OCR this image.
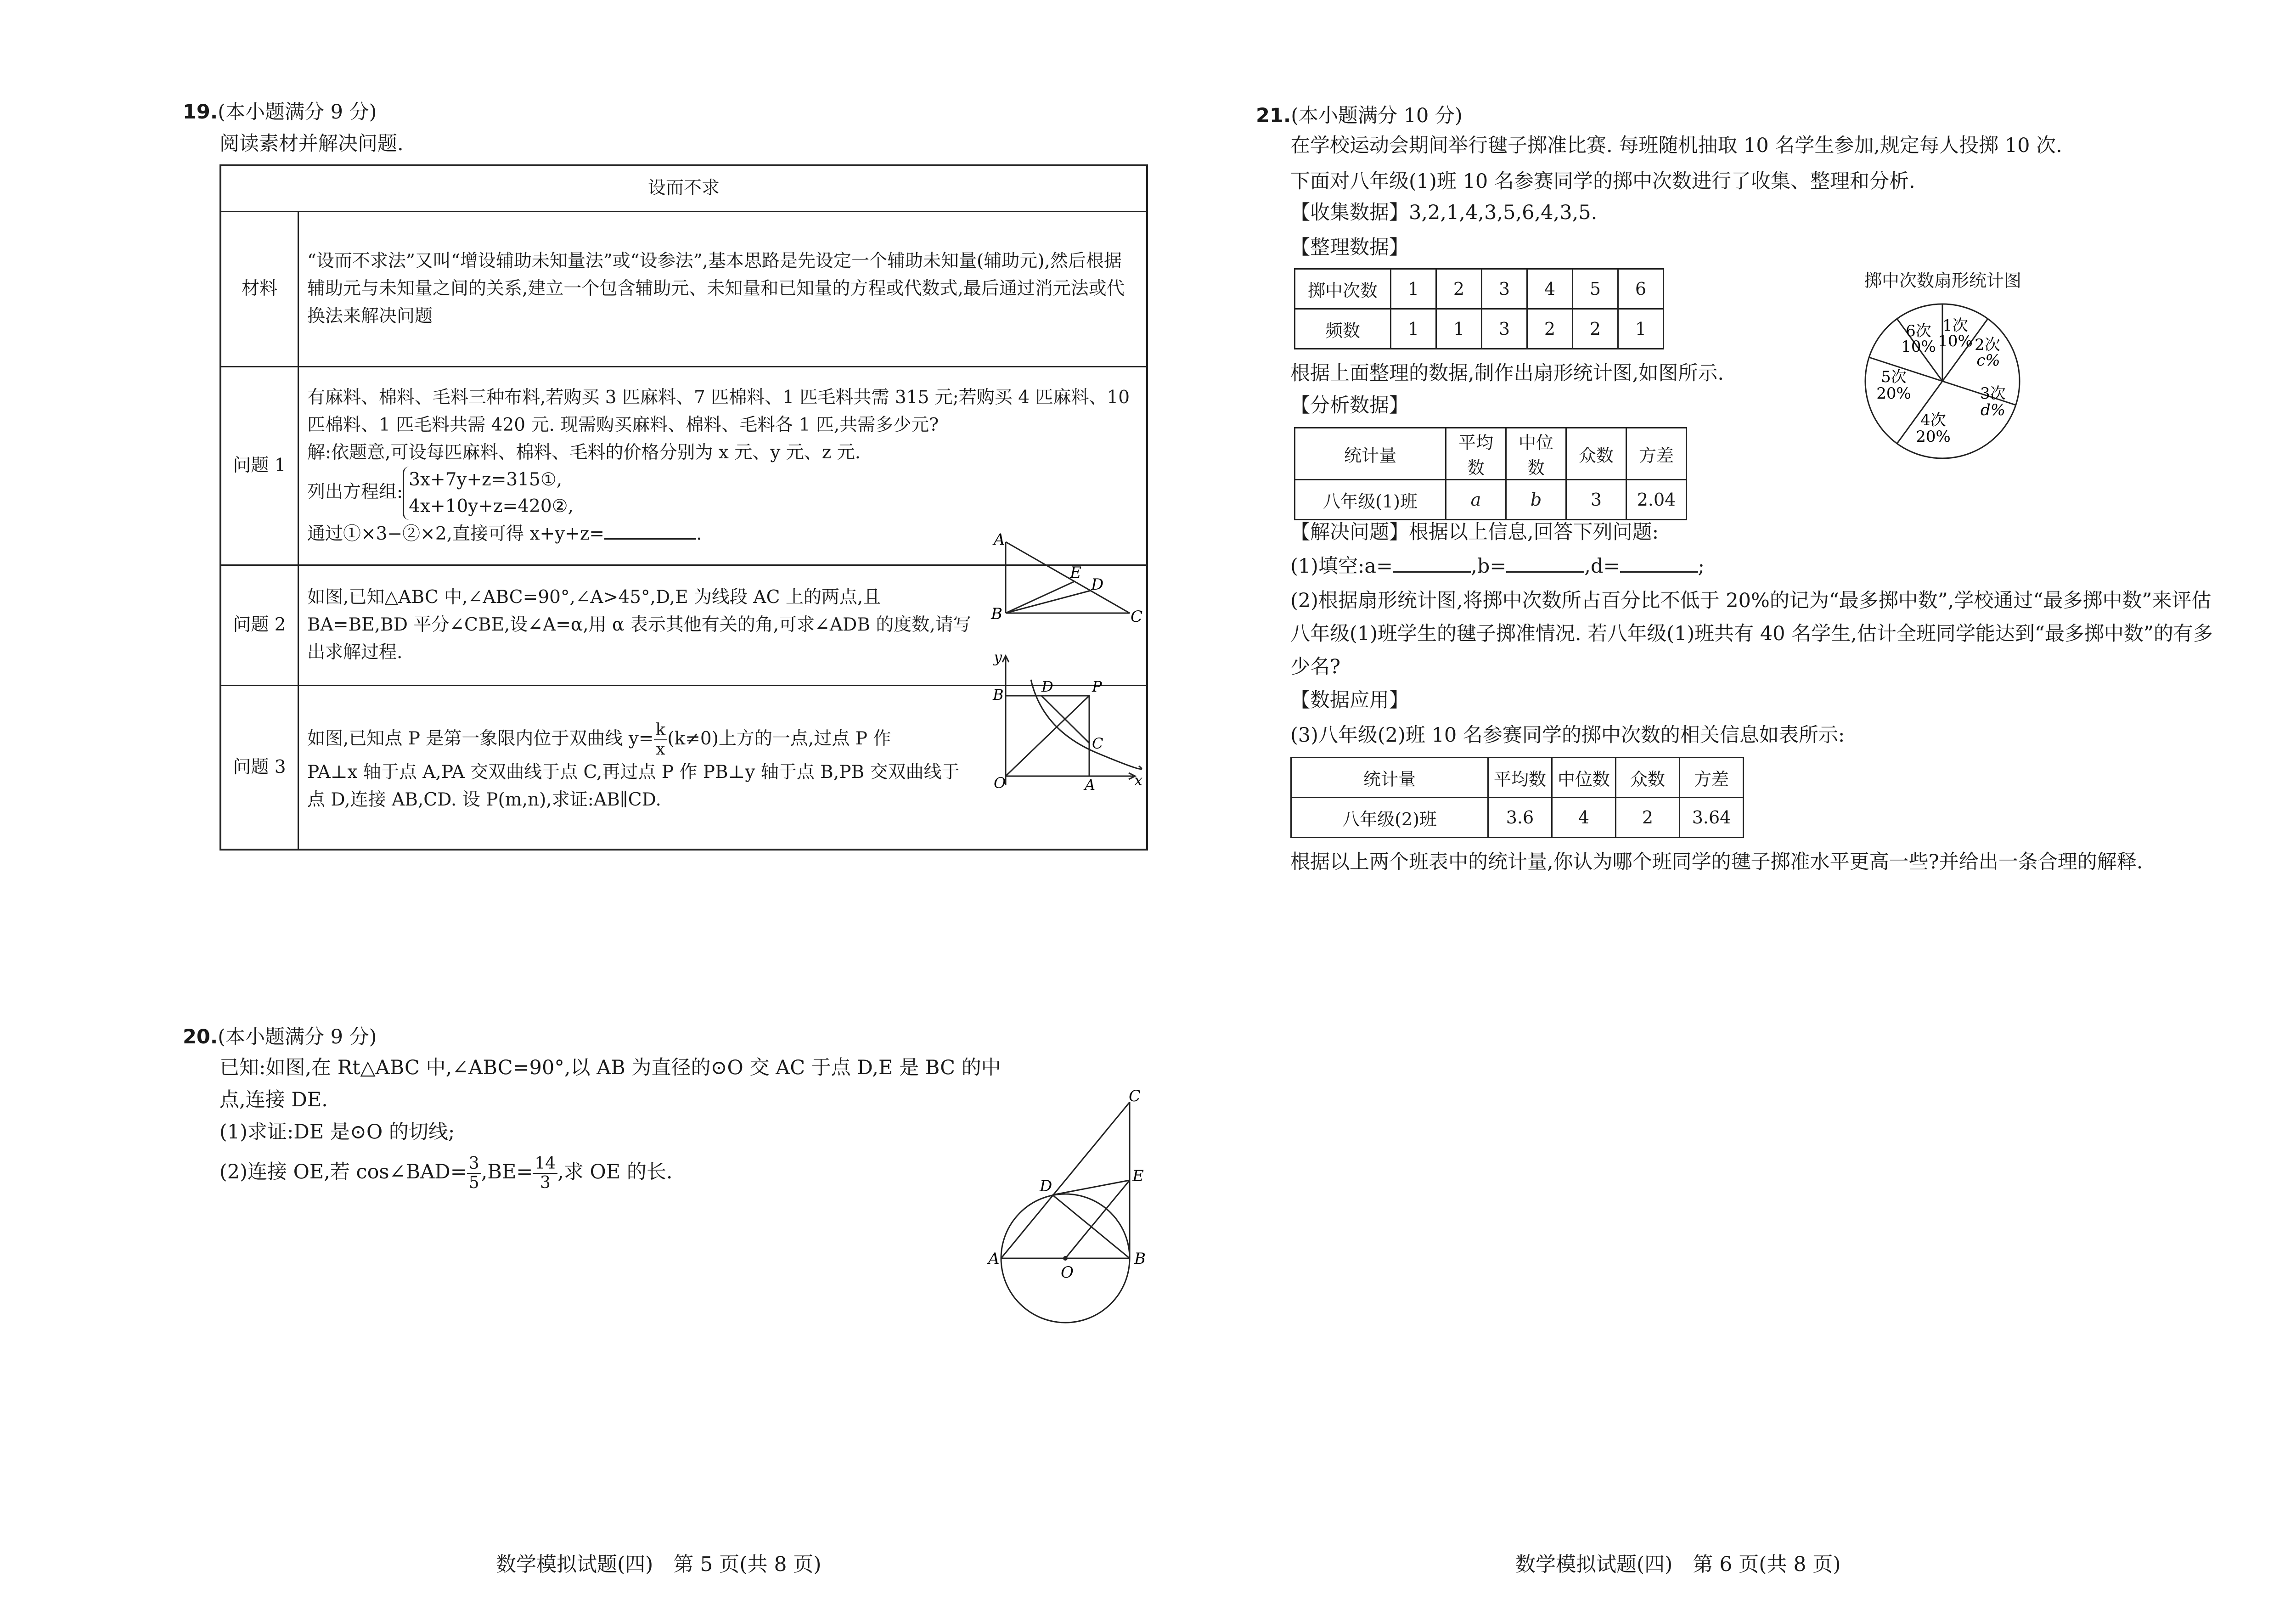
19.(本小题满分 9 分)
阅读素材并解决问题.
设而不求	
材料	“设而不求法”又叫“增设辅助未知量法”或“设参法”,基本思路是先设定一个辅助未知量(辅助元),然后根据辅助元与未知量之间的关系,建立一个包含辅助元、未知量和已知量的方程或代数式,最后通过消元法或代换法来解决问题
问题 1	有麻料、棉料、毛料三种布料,若购买 3 匹麻料、7 匹棉料、1 匹毛料共需 315 元;若购买 4 匹麻料、10 匹棉料、1 匹毛料共需 420 元. 现需购买麻料、棉料、毛料各 1 匹,共需多少元?
解:依题意,可设每匹麻料、棉料、毛料的价格分别为 x 元、y 元、z 元.
列出方程组:3x+7y+z=315①,
4x+10y+z=420②,
通过①×3−②×2,直接可得 x+y+z= .

问题 2	如图,已知△ABC 中,∠ABC=90°,∠A>45°,D,E 为线段 AC 上的两点,且 BA=BE,BD 平分∠CBE,设∠A=α,用 α 表示其他有关的角,可求∠ADB 的度数,请写出求解过程.
问题 3	如图,已知点 P 是第一象限内位于双曲线 $y= \frac{k}{x} (k\ne 0)$上方的一点,过点 P 作
PA⊥x 轴于点 A,PA 交双曲线于点 C,再过点 P 作 PB⊥y 轴于点 B,PB 交双曲线于点 D,连接 AB,CD. 设 P(m,n),求证:AB∥CD.
A
B	C
E
D
y
x
O	A
B	D	P
C
20.(本小题满分 9 分)
已知:如图,在 Rt△ABC 中,∠ABC=90°,以 AB 为直径的⊙O 交 AC 于点 D,E 是 BC 的中
点,连接 DE.
(1)求证:DE 是⊙O 的切线;
(2)连接 OE,若 cos∠BAD= $\frac{3}{5} ,BE= \frac{14}{3}$ ,求 OE 的长.
A	B
C
D
E
O
21.(本小题满分 10 分)
在学校运动会期间举行毽子掷准比赛. 每班随机抽取 10 名学生参加,规定每人投掷 10 次.
下面对八年级(1)班 10 名参赛同学的掷中次数进行了收集、整理和分析.
【收集数据】3,2,1,4,3,5,6,4,3,5.
【整理数据】
掷中次数	1	2	3	4	5	6
频数	1	1	3	2	2	1
根据上面整理的数据,制作出扇形统计图,如图所示.
【分析数据】
统计量	平均数	中位数	众数	方差
八年级(1)班	a	b	3	2.04
掷中次数扇形统计图
1次
10% 2次
c%
3次
d%
4次
20%
5次
20%
6次
10%
【解决问题】根据以上信息,回答下列问题:
(1)填空:a=	,b=	,d=	;
(2)根据扇形统计图,将掷中次数所占百分比不低于 20%的记为“最多掷中数”,学校通过“最多掷中数”来评估八年级(1)班学生的毽子掷准情况. 若八年级(1)班共有 40 名学生,估计全班同学能达到“最多掷中数”的有多少名?
【数据应用】
(3)八年级(2)班 10 名参赛同学的掷中次数的相关信息如表所示:
统计量	平均数	中位数	众数	方差
八年级(2)班	3.6	4	2	3.64
根据以上两个班表中的统计量,你认为哪个班同学的毽子掷准水平更高一些?并给出一条合理的解释.
数学模拟试题(四)　第 5 页(共 8 页)	数学模拟试题(四)　第 6 页(共 8 页)
